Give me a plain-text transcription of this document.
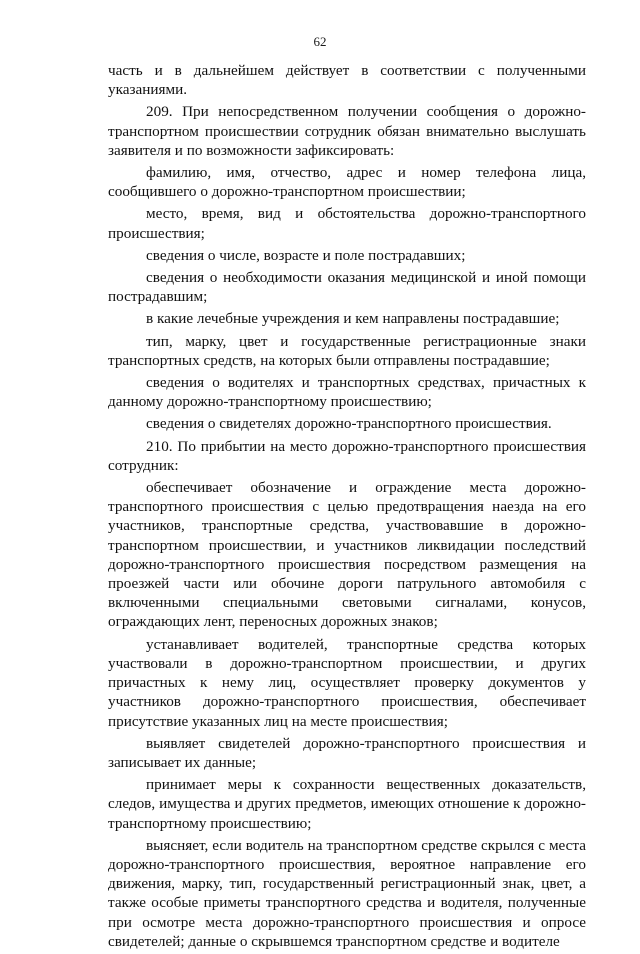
62

часть и в дальнейшем действует в соответствии с полученными указаниями.

209. При непосредственном получении сообщения о дорожно-транспортном происшествии сотрудник обязан внимательно выслушать заявителя и по возможности зафиксировать:

фамилию, имя, отчество, адрес и номер телефона лица, сообщившего о дорожно-транспортном происшествии;

место, время, вид и обстоятельства дорожно-транспортного происшествия;

сведения о числе, возрасте и поле пострадавших;

сведения о необходимости оказания медицинской и иной помощи пострадавшим;

в какие лечебные учреждения и кем направлены пострадавшие;

тип, марку, цвет и государственные регистрационные знаки транспортных средств, на которых были отправлены пострадавшие;

сведения о водителях и транспортных средствах, причастных к данному дорожно-транспортному происшествию;

сведения о свидетелях дорожно-транспортного происшествия.

210. По прибытии на место дорожно-транспортного происшествия сотрудник:

обеспечивает обозначение и ограждение места дорожно-транспортного происшествия с целью предотвращения наезда на его участников, транспортные средства, участвовавшие в дорожно-транспортном происшествии, и участников ликвидации последствий дорожно-транспортного происшествия посредством размещения на проезжей части или обочине дороги патрульного автомобиля с включенными специальными световыми сигналами, конусов, ограждающих лент, переносных дорожных знаков;

устанавливает водителей, транспортные средства которых участвовали в дорожно-транспортном происшествии, и других причастных к нему лиц, осуществляет проверку документов у участников дорожно-транспортного происшествия, обеспечивает присутствие указанных лиц на месте происшествия;

выявляет свидетелей дорожно-транспортного происшествия и записывает их данные;

принимает меры к сохранности вещественных доказательств, следов, имущества и других предметов, имеющих отношение к дорожно-транспортному происшествию;

выясняет, если водитель на транспортном средстве скрылся с места дорожно-транспортного происшествия, вероятное направление его движения, марку, тип, государственный регистрационный знак, цвет, а также особые приметы транспортного средства и водителя, полученные при осмотре места дорожно-транспортного происшествия и опросе свидетелей; данные о скрывшемся транспортном средстве и водителе
